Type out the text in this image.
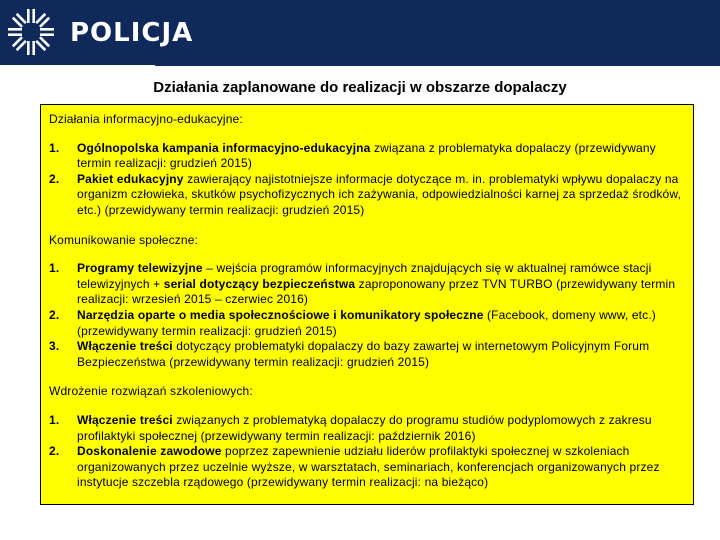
POLICJA
Działania zaplanowane do realizacji w obszarze dopalaczy
Działania informacyjno-edukacyjne:
1. Ogólnopolska kampania informacyjno-edukacyjna związana z problematyka dopalaczy (przewidywany termin realizacji: grudzień 2015)
2. Pakiet edukacyjny zawierający najistotniejsze informacje dotyczące m. in. problematyki wpływu dopalaczy na organizm człowieka, skutków psychofizycznych ich zażywania, odpowiedzialności karnej za sprzedaż środków, etc.) (przewidywany termin realizacji: grudzień 2015)
Komunikowanie społeczne:
1. Programy telewizyjne – wejścia programów informacyjnych znajdujących się w aktualnej ramówce stacji telewizyjnych + serial dotyczący bezpieczeństwa zaproponowany przez TVN TURBO (przewidywany termin realizacji: wrzesień 2015 – czerwiec 2016)
2. Narzędzia oparte o media społecznościowe i komunikatory społeczne (Facebook, domeny www, etc.) (przewidywany termin realizacji: grudzień 2015)
3. Włączenie treści dotyczący problematyki dopalaczy do bazy zawartej w internetowym Policyjnym Forum Bezpieczeństwa (przewidywany termin realizacji: grudzień 2015)
Wdrożenie rozwiązań szkoleniowych:
1. Włączenie treści związanych z problematyką dopalaczy do programu studiów podyplomowych z zakresu profilaktyki społecznej (przewidywany termin realizacji: październik 2016)
2. Doskonalenie zawodowe poprzez zapewnienie udziału liderów profilaktyki społecznej w szkoleniach organizowanych przez uczelnie wyższe, w warsztatach, seminariach, konferencjach organizowanych przez instytucje szczebla rządowego (przewidywany termin realizacji: na bieżąco)
